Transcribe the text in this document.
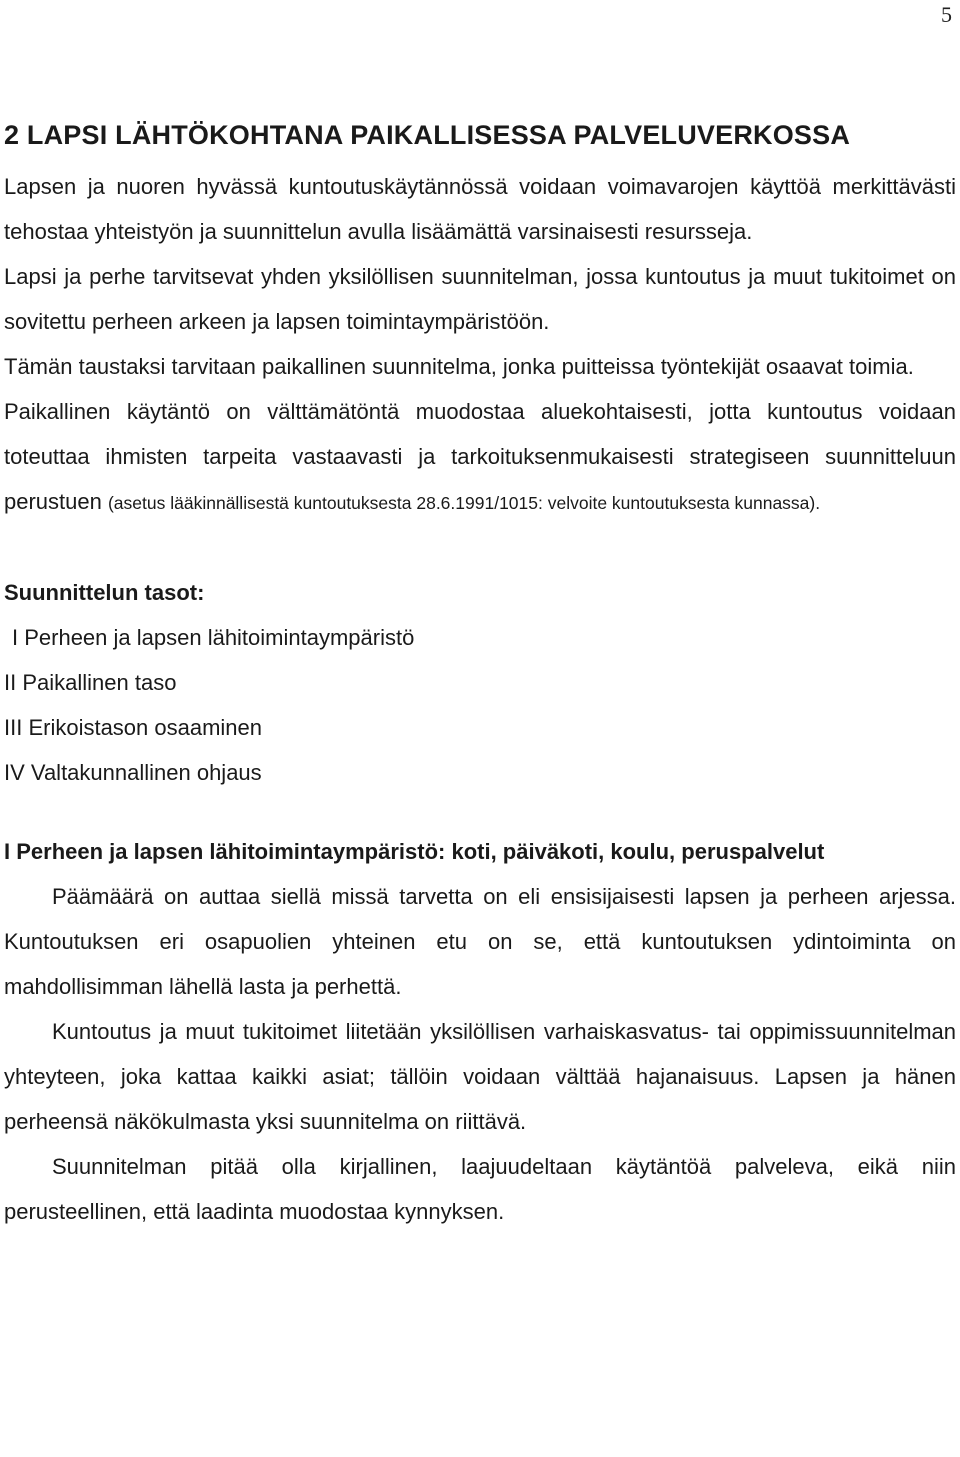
5
2 LAPSI LÄHTÖKOHTANA PAIKALLISESSA PALVELUVERKOSSA

Lapsen ja nuoren hyvässä kuntoutuskäytännössä voidaan voimavarojen käyttöä merkittävästi tehostaa yhteistyön ja suunnittelun avulla lisäämättä varsinaisesti resursseja.

Lapsi ja perhe tarvitsevat yhden yksilöllisen suunnitelman, jossa kuntoutus ja muut tukitoimet on sovitettu perheen arkeen ja lapsen toimintaympäristöön.

Tämän taustaksi tarvitaan paikallinen suunnitelma, jonka puitteissa työntekijät osaavat toimia.

Paikallinen käytäntö on välttämätöntä muodostaa aluekohtaisesti, jotta kuntoutus voidaan toteuttaa ihmisten tarpeita vastaavasti ja tarkoituksenmukaisesti strategiseen suunnitteluun perustuen (asetus lääkinnällisestä kuntoutuksesta 28.6.1991/1015: velvoite kuntoutuksesta kunnassa).

Suunnittelun tasot:
I Perheen ja lapsen lähitoimintaympäristö
II Paikallinen taso
III Erikoistason osaaminen
IV Valtakunnallinen ohjaus
I Perheen ja lapsen lähitoimintaympäristö: koti, päiväkoti, koulu, peruspalvelut

Päämäärä on auttaa siellä missä tarvetta on eli ensisijaisesti lapsen ja perheen arjessa. Kuntoutuksen eri osapuolien yhteinen etu on se, että kuntoutuksen ydintoiminta on mahdollisimman lähellä lasta ja perhettä.

Kuntoutus ja muut tukitoimet liitetään yksilöllisen varhaiskasvatus- tai oppimissuunnitelman yhteyteen, joka kattaa kaikki asiat; tällöin voidaan välttää hajanaisuus. Lapsen ja hänen perheensä näkökulmasta yksi suunnitelma on riittävä.

Suunnitelman pitää olla kirjallinen, laajuudeltaan käytäntöä palveleva, eikä niin perusteellinen, että laadinta muodostaa kynnyksen.
